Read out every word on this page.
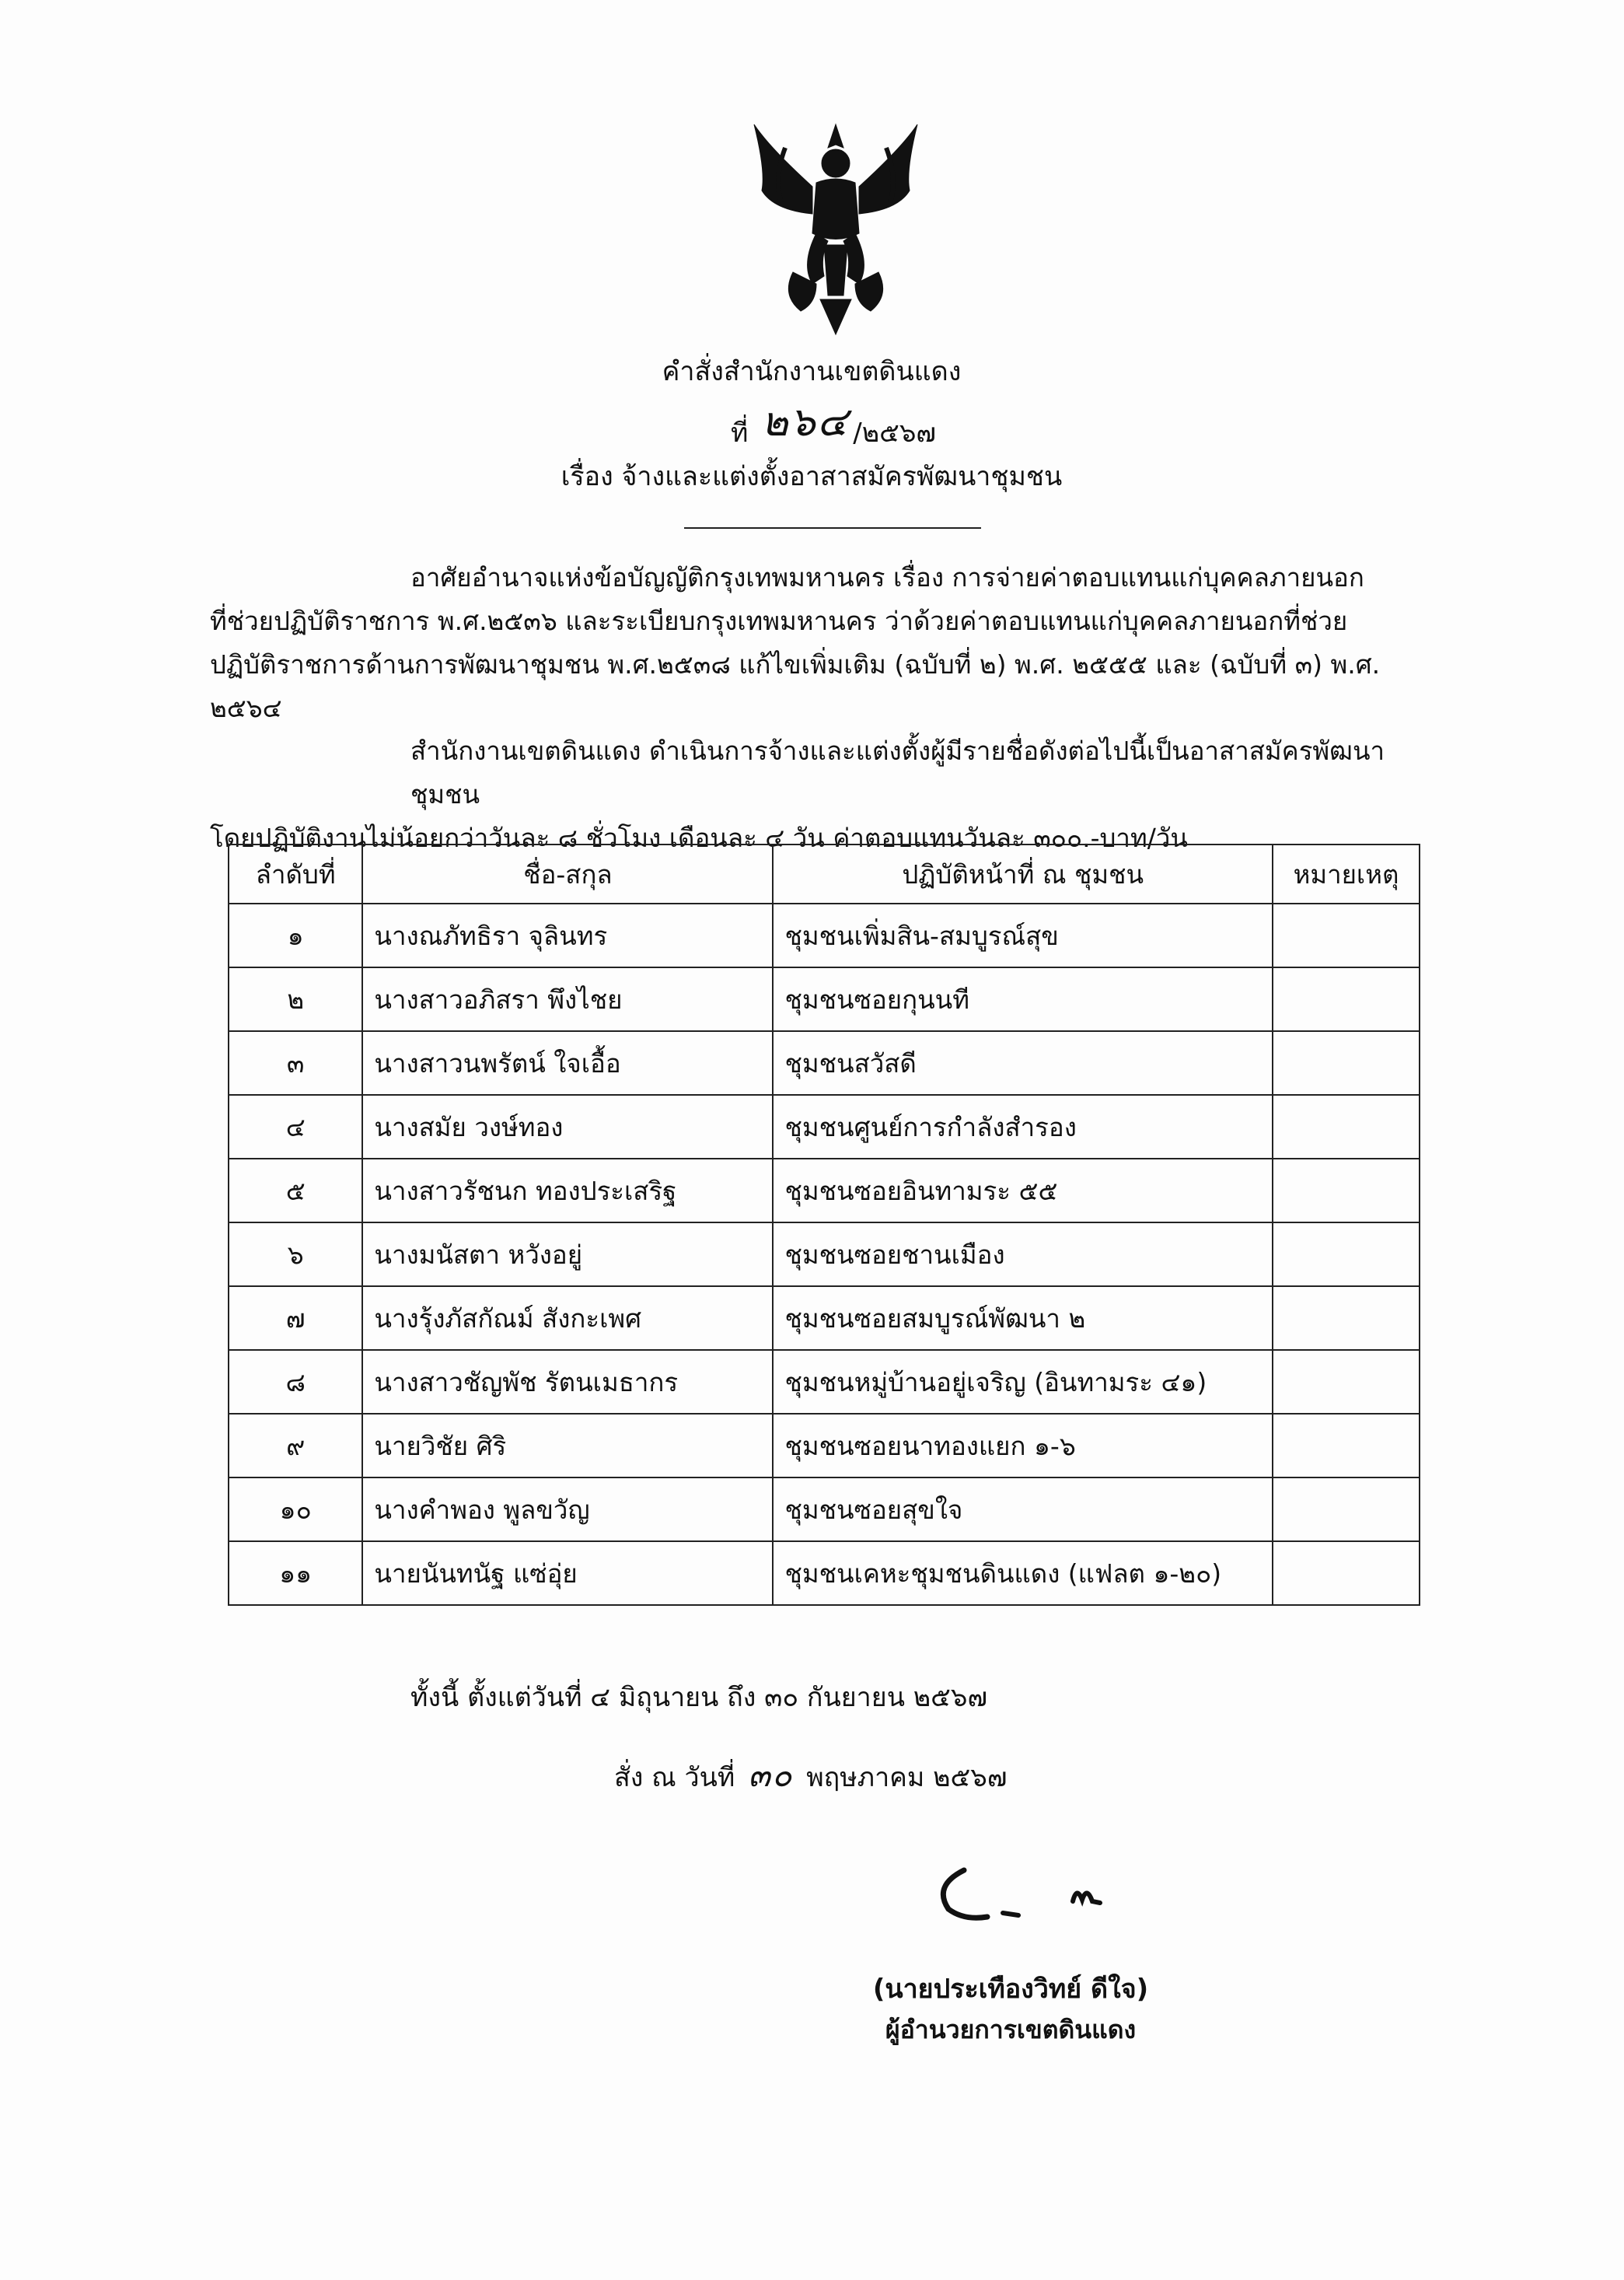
คำสั่งสำนักงานเขตดินแดง
ที่ ๒๖๔ /๒๕๖๗
เรื่อง จ้างและแต่งตั้งอาสาสมัครพัฒนาชุมชน
อาศัยอำนาจแห่งข้อบัญญัติกรุงเทพมหานคร เรื่อง การจ่ายค่าตอบแทนแก่บุคคลภายนอก
ที่ช่วยปฏิบัติราชการ พ.ศ.๒๕๓๖ และระเบียบกรุงเทพมหานคร ว่าด้วยค่าตอบแทนแก่บุคคลภายนอกที่ช่วย
ปฏิบัติราชการด้านการพัฒนาชุมชน พ.ศ.๒๕๓๘ แก้ไขเพิ่มเติม (ฉบับที่ ๒) พ.ศ. ๒๕๕๕ และ (ฉบับที่ ๓) พ.ศ. ๒๕๖๔
สำนักงานเขตดินแดง ดำเนินการจ้างและแต่งตั้งผู้มีรายชื่อดังต่อไปนี้เป็นอาสาสมัครพัฒนาชุมชน
โดยปฏิบัติงานไม่น้อยกว่าวันละ ๘ ชั่วโมง เดือนละ ๔ วัน ค่าตอบแทนวันละ ๓๐๐.-บาท/วัน
ลำดับที่	ชื่อ-สกุล	ปฏิบัติหน้าที่ ณ ชุมชน	หมายเหตุ
๑	นางณภัทธิรา จุลินทร	ชุมชนเพิ่มสิน-สมบูรณ์สุข	
๒	นางสาวอภิสรา พึงไชย	ชุมชนซอยกุนนที	
๓	นางสาวนพรัตน์ ใจเอื้อ	ชุมชนสวัสดี	
๔	นางสมัย วงษ์ทอง	ชุมชนศูนย์การกำลังสำรอง	
๕	นางสาวรัชนก ทองประเสริฐ	ชุมชนซอยอินทามระ ๕๕	
๖	นางมนัสตา หวังอยู่	ชุมชนซอยชานเมือง	
๗	นางรุ้งภัสกัณม์ สังกะเพศ	ชุมชนซอยสมบูรณ์พัฒนา ๒	
๘	นางสาวชัญพัช รัตนเมธากร	ชุมชนหมู่บ้านอยู่เจริญ (อินทามระ ๔๑)	
๙	นายวิชัย ศิริ	ชุมชนซอยนาทองแยก ๑-๖	
๑๐	นางคำพอง พูลขวัญ	ชุมชนซอยสุขใจ	
๑๑	นายนันทนัฐ แซ่อุ่ย	ชุมชนเคหะชุมชนดินแดง (แฟลต ๑-๒๐)	
ทั้งนี้ ตั้งแต่วันที่ ๔ มิถุนายน ถึง ๓๐ กันยายน ๒๕๖๗
สั่ง ณ วันที่ ๓๐ พฤษภาคม ๒๕๖๗
(นายประเทืองวิทย์ ดีใจ)
ผู้อำนวยการเขตดินแดง
